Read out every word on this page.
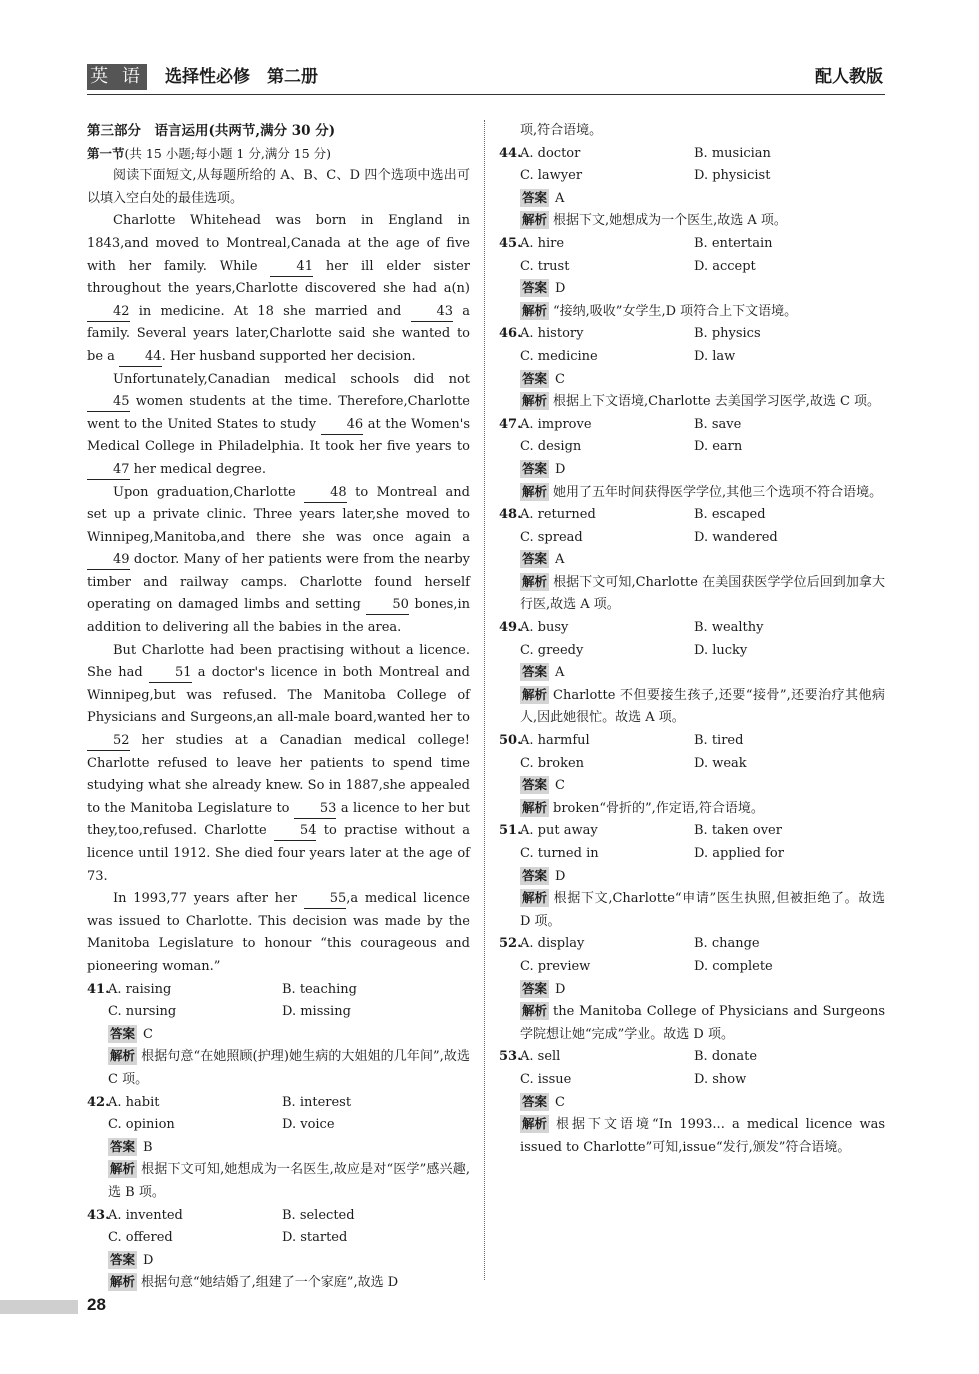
英 语 选择性必修　第二册	配人教版

第三部分　语言运用(共两节,满分 30 分)

第一节(共 15 小题;每小题 1 分,满分 15 分)

阅读下面短文,从每题所给的 A、B、C、D 四个选项中选出可以填入空白处的最佳选项。

Charlotte Whitehead was born in England in 1843,and moved to Montreal,Canada at the age of five with her family. While 41 her ill elder sister throughout the years,Charlotte discovered she had a(n) 42 in medicine. At 18 she married and 43 a family. Several years later,Charlotte said she wanted to be a 44. Her husband supported her decision.

Unfortunately,Canadian medical schools did not 45 women students at the time. Therefore,Charlotte went to the United States to study 46 at the Women's Medical College in Philadelphia. It took her five years to 47 her medical degree.

Upon graduation,Charlotte 48 to Montreal and set up a private clinic. Three years later,she moved to Winnipeg,Manitoba,and there she was once again a 49 doctor. Many of her patients were from the nearby timber and railway camps. Charlotte found herself operating on damaged limbs and setting 50 bones,in addition to delivering all the babies in the area.

But Charlotte had been practising without a licence. She had 51 a doctor's licence in both Montreal and Winnipeg,but was refused. The Manitoba College of Physicians and Surgeons,an all-male board,wanted her to 52 her studies at a Canadian medical college! Charlotte refused to leave her patients to spend time studying what she already knew. So in 1887,she appealed to the Manitoba Legislature to 53 a licence to her but they,too,refused. Charlotte 54 to practise without a licence until 1912. She died four years later at the age of 73.

In 1993,77 years after her 55,a medical licence was issued to Charlotte. This decision was made by the Manitoba Legislature to honour “this courageous and pioneering woman.”

41.
A. raising	B. teaching
C. nursing	D. missing
答案 C
解析 根据句意“在她照顾(护理)她生病的大姐姐的几年间”,故选 C 项。
42.
A. habit	B. interest
C. opinion	D. voice
答案 B
解析 根据下文可知,她想成为一名医生,故应是对“医学”感兴趣,选 B 项。
43.
A. invented	B. selected
C. offered	D. started
答案 D
解析 根据句意“她结婚了,组建了一个家庭”,故选 D
项,符合语境。
44.
A. doctor	B. musician
C. lawyer	D. physicist
答案 A
解析 根据下文,她想成为一个医生,故选 A 项。
45.
A. hire	B. entertain
C. trust	D. accept
答案 D
解析 “接纳,吸收”女学生,D 项符合上下文语境。
46.
A. history	B. physics
C. medicine	D. law
答案 C
解析 根据上下文语境,Charlotte 去美国学习医学,故选 C 项。
47.
A. improve	B. save
C. design	D. earn
答案 D
解析 她用了五年时间获得医学学位,其他三个选项不符合语境。
48.
A. returned	B. escaped
C. spread	D. wandered
答案 A
解析 根据下文可知,Charlotte 在美国获医学学位后回到加拿大行医,故选 A 项。
49.
A. busy	B. wealthy
C. greedy	D. lucky
答案 A
解析 Charlotte 不但要接生孩子,还要“接骨”,还要治疗其他病人,因此她很忙。故选 A 项。
50.
A. harmful	B. tired
C. broken	D. weak
答案 C
解析 broken“骨折的”,作定语,符合语境。
51.
A. put away	B. taken over
C. turned in	D. applied for
答案 D
解析 根据下文,Charlotte“申请”医生执照,但被拒绝了。故选 D 项。
52.
A. display	B. change
C. preview	D. complete
答案 D
解析 the Manitoba College of Physicians and Surgeons 学院想让她“完成”学业。故选 D 项。
53.
A. sell	B. donate
C. issue	D. show
答案 C
解析 根据下文语境“In 1993... a medical licence was issued to Charlotte”可知,issue“发行,颁发”符合语境。
28
